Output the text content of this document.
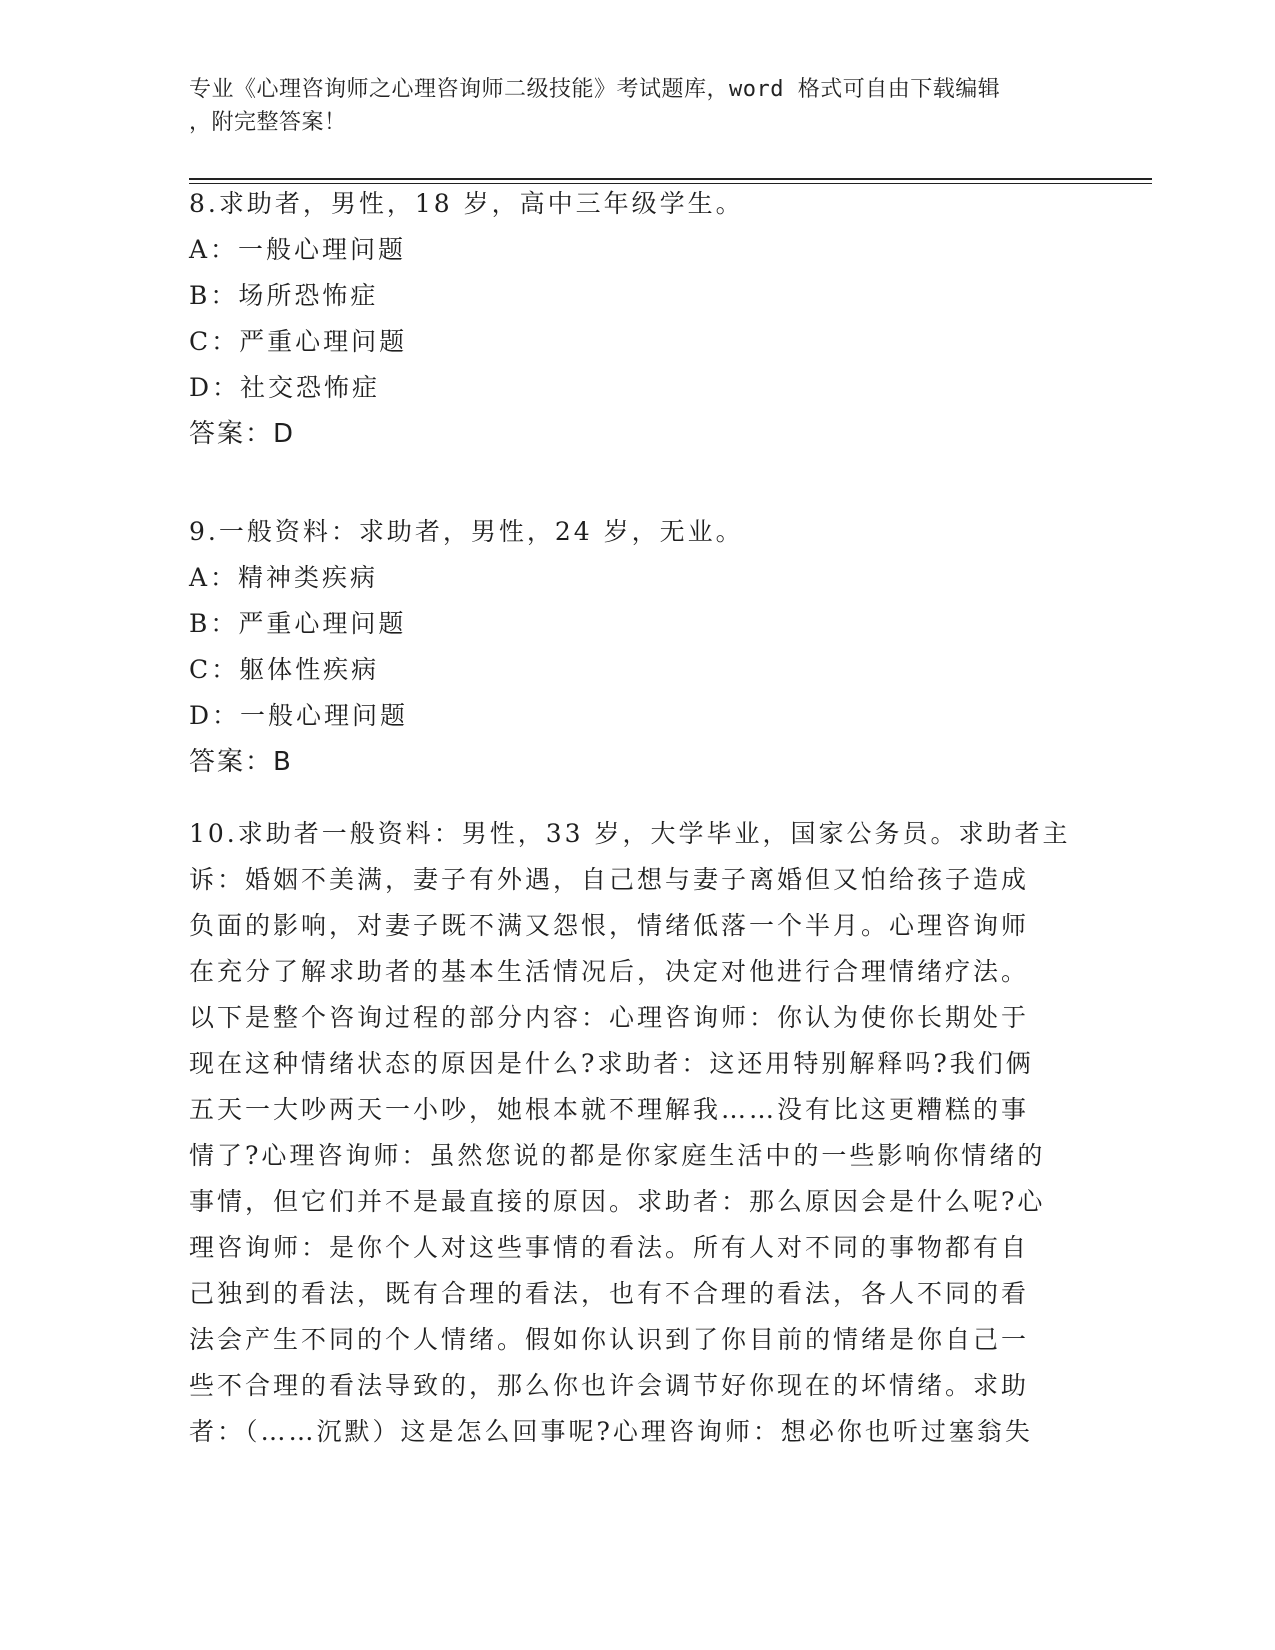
专业《心理咨询师之心理咨询师二级技能》考试题库，word 格式可自由下载编辑
，附完整答案！
8.求助者，男性，18 岁，高中三年级学生。
A：一般心理问题
B：场所恐怖症
C：严重心理问题
D：社交恐怖症
答案：D
9.一般资料：求助者，男性，24 岁，无业。
A：精神类疾病
B：严重心理问题
C：躯体性疾病
D：一般心理问题
答案：B
10.求助者一般资料：男性，33 岁，大学毕业，国家公务员。求助者主
诉：婚姻不美满，妻子有外遇，自己想与妻子离婚但又怕给孩子造成
负面的影响，对妻子既不满又怨恨，情绪低落一个半月。心理咨询师
在充分了解求助者的基本生活情况后，决定对他进行合理情绪疗法。
以下是整个咨询过程的部分内容：心理咨询师：你认为使你长期处于
现在这种情绪状态的原因是什么?求助者：这还用特别解释吗?我们俩
五天一大吵两天一小吵，她根本就不理解我……没有比这更糟糕的事
情了?心理咨询师：虽然您说的都是你家庭生活中的一些影响你情绪的
事情，但它们并不是最直接的原因。求助者：那么原因会是什么呢?心
理咨询师：是你个人对这些事情的看法。所有人对不同的事物都有自
己独到的看法，既有合理的看法，也有不合理的看法，各人不同的看
法会产生不同的个人情绪。假如你认识到了你目前的情绪是你自己一
些不合理的看法导致的，那么你也许会调节好你现在的坏情绪。求助
者：（……沉默）这是怎么回事呢?心理咨询师：想必你也听过塞翁失
